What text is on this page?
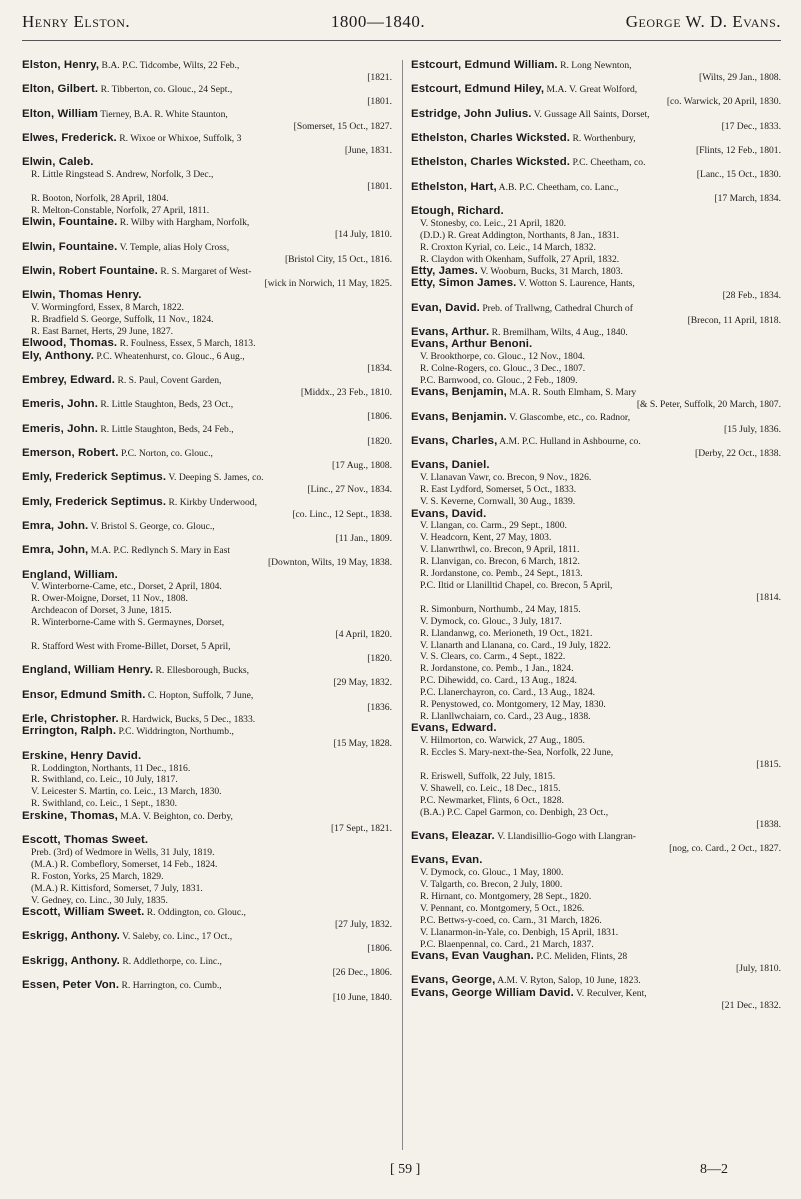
Henry Elston.	1800—1840.	George W. D. Evans.
Elston, Henry, B.A. P.C. Tidcombe, Wilts, 22 Feb.,
[1821.
Elton, Gilbert. R. Tibberton, co. Glouc., 24 Sept.,
[1801.
Elton, William Tierney, B.A. R. White Staunton,
[Somerset, 15 Oct., 1827.
Elwes, Frederick. R. Wixoe or Whixoe, Suffolk, 3
[June, 1831.
Elwin, Caleb.
R. Little Ringstead S. Andrew, Norfolk, 3 Dec.,
[1801.
R. Booton, Norfolk, 28 April, 1804.
R. Melton-Constable, Norfolk, 27 April, 1811.
Elwin, Fountaine. R. Wilby with Hargham, Norfolk,
[14 July, 1810.
Elwin, Fountaine. V. Temple, alias Holy Cross,
[Bristol City, 15 Oct., 1816.
Elwin, Robert Fountaine. R. S. Margaret of West-
[wick in Norwich, 11 May, 1825.
Elwin, Thomas Henry.
V. Wormingford, Essex, 8 March, 1822.
R. Bradfield S. George, Suffolk, 11 Nov., 1824.
R. East Barnet, Herts, 29 June, 1827.
Elwood, Thomas. R. Foulness, Essex, 5 March, 1813.
Ely, Anthony. P.C. Wheatenhurst, co. Glouc., 6 Aug.,
[1834.
Embrey, Edward. R. S. Paul, Covent Garden,
[Middx., 23 Feb., 1810.
Emeris, John. R. Little Staughton, Beds, 23 Oct.,
[1806.
Emeris, John. R. Little Staughton, Beds, 24 Feb.,
[1820.
Emerson, Robert. P.C. Norton, co. Glouc.,
[17 Aug., 1808.
Emly, Frederick Septimus. V. Deeping S. James, co.
[Linc., 27 Nov., 1834.
Emly, Frederick Septimus. R. Kirkby Underwood,
[co. Linc., 12 Sept., 1838.
Emra, John. V. Bristol S. George, co. Glouc.,
[11 Jan., 1809.
Emra, John, M.A. P.C. Redlynch S. Mary in East
[Downton, Wilts, 19 May, 1838.
England, William.
V. Winterborne-Came, etc., Dorset, 2 April, 1804.
R. Ower-Moigne, Dorset, 11 Nov., 1808.
Archdeacon of Dorset, 3 June, 1815.
R. Winterborne-Came with S. Germaynes, Dorset,
[4 April, 1820.
R. Stafford West with Frome-Billet, Dorset, 5 April,
[1820.
England, William Henry. R. Ellesborough, Bucks,
[29 May, 1832.
Ensor, Edmund Smith. C. Hopton, Suffolk, 7 June,
[1836.
Erle, Christopher. R. Hardwick, Bucks, 5 Dec., 1833.
Errington, Ralph. P.C. Widdrington, Northumb.,
[15 May, 1828.
Erskine, Henry David.
R. Loddington, Northants, 11 Dec., 1816.
R. Swithland, co. Leic., 10 July, 1817.
V. Leicester S. Martin, co. Leic., 13 March, 1830.
R. Swithland, co. Leic., 1 Sept., 1830.
Erskine, Thomas, M.A. V. Beighton, co. Derby,
[17 Sept., 1821.
Escott, Thomas Sweet.
Preb. (3rd) of Wedmore in Wells, 31 July, 1819.
(M.A.) R. Combeflory, Somerset, 14 Feb., 1824.
R. Foston, Yorks, 25 March, 1829.
(M.A.) R. Kittisford, Somerset, 7 July, 1831.
V. Gedney, co. Linc., 30 July, 1835.
Escott, William Sweet. R. Oddington, co. Glouc.,
[27 July, 1832.
Eskrigg, Anthony. V. Saleby, co. Linc., 17 Oct.,
[1806.
Eskrigg, Anthony. R. Addlethorpe, co. Linc.,
[26 Dec., 1806.
Essen, Peter Von. R. Harrington, co. Cumb.,
[10 June, 1840.
Estcourt, Edmund William. R. Long Newnton,
[Wilts, 29 Jan., 1808.
Estcourt, Edmund Hiley, M.A. V. Great Wolford,
[co. Warwick, 20 April, 1830.
Estridge, John Julius. V. Gussage All Saints, Dorset,
[17 Dec., 1833.
Ethelston, Charles Wicksted. R. Worthenbury,
[Flints, 12 Feb., 1801.
Ethelston, Charles Wicksted. P.C. Cheetham, co.
[Lanc., 15 Oct., 1830.
Ethelston, Hart, A.B. P.C. Cheetham, co. Lanc.,
[17 March, 1834.
Etough, Richard.
V. Stonesby, co. Leic., 21 April, 1820.
(D.D.) R. Great Addington, Northants, 8 Jan., 1831.
R. Croxton Kyrial, co. Leic., 14 March, 1832.
R. Claydon with Okenham, Suffolk, 27 April, 1832.
Etty, James. V. Wooburn, Bucks, 31 March, 1803.
Etty, Simon James. V. Wotton S. Laurence, Hants,
[28 Feb., 1834.
Evan, David. Preb. of Trallwng, Cathedral Church of
[Brecon, 11 April, 1818.
Evans, Arthur. R. Bremilham, Wilts, 4 Aug., 1840.
Evans, Arthur Benoni.
V. Brookthorpe, co. Glouc., 12 Nov., 1804.
R. Colne-Rogers, co. Glouc., 3 Dec., 1807.
P.C. Barnwood, co. Glouc., 2 Feb., 1809.
Evans, Benjamin, M.A. R. South Elmham, S. Mary
[& S. Peter, Suffolk, 20 March, 1807.
Evans, Benjamin. V. Glascombe, etc., co. Radnor,
[15 July, 1836.
Evans, Charles, A.M. P.C. Hulland in Ashbourne, co.
[Derby, 22 Oct., 1838.
Evans, Daniel.
V. Llanavan Vawr, co. Brecon, 9 Nov., 1826.
R. East Lydford, Somerset, 5 Oct., 1833.
V. S. Keverne, Cornwall, 30 Aug., 1839.
Evans, David.
V. Llangan, co. Carm., 29 Sept., 1800.
V. Headcorn, Kent, 27 May, 1803.
V. Llanwrthwl, co. Brecon, 9 April, 1811.
R. Llanvigan, co. Brecon, 6 March, 1812.
R. Jordanstone, co. Pemb., 24 Sept., 1813.
P.C. Iltid or Llanilltid Chapel, co. Brecon, 5 April,
[1814.
R. Simonburn, Northumb., 24 May, 1815.
V. Dymock, co. Glouc., 3 July, 1817.
R. Llandanwg, co. Merioneth, 19 Oct., 1821.
V. Llanarth and Llanana, co. Card., 19 July, 1822.
V. S. Clears, co. Carm., 4 Sept., 1822.
R. Jordanstone, co. Pemb., 1 Jan., 1824.
P.C. Dihewidd, co. Card., 13 Aug., 1824.
P.C. Llanerchayron, co. Card., 13 Aug., 1824.
R. Penystowed, co. Montgomery, 12 May, 1830.
R. Llanllwchaiarn, co. Card., 23 Aug., 1838.
Evans, Edward.
V. Hilmorton, co. Warwick, 27 Aug., 1805.
R. Eccles S. Mary-next-the-Sea, Norfolk, 22 June,
[1815.
R. Eriswell, Suffolk, 22 July, 1815.
V. Shawell, co. Leic., 18 Dec., 1815.
P.C. Newmarket, Flints, 6 Oct., 1828.
(B.A.) P.C. Capel Garmon, co. Denbigh, 23 Oct.,
[1838.
Evans, Eleazar. V. Llandisillio-Gogo with Llangran-
[nog, co. Card., 2 Oct., 1827.
Evans, Evan.
V. Dymock, co. Glouc., 1 May, 1800.
V. Talgarth, co. Brecon, 2 July, 1800.
R. Hirnant, co. Montgomery, 28 Sept., 1820.
V. Pennant, co. Montgomery, 5 Oct., 1826.
P.C. Bettws-y-coed, co. Carn., 31 March, 1826.
V. Llanarmon-in-Yale, co. Denbigh, 15 April, 1831.
P.C. Blaenpennal, co. Card., 21 March, 1837.
Evans, Evan Vaughan. P.C. Meliden, Flints, 28
[July, 1810.
Evans, George, A.M. V. Ryton, Salop, 10 June, 1823.
Evans, George William David. V. Reculver, Kent,
[21 Dec., 1832.
[ 59 ]	8—2
